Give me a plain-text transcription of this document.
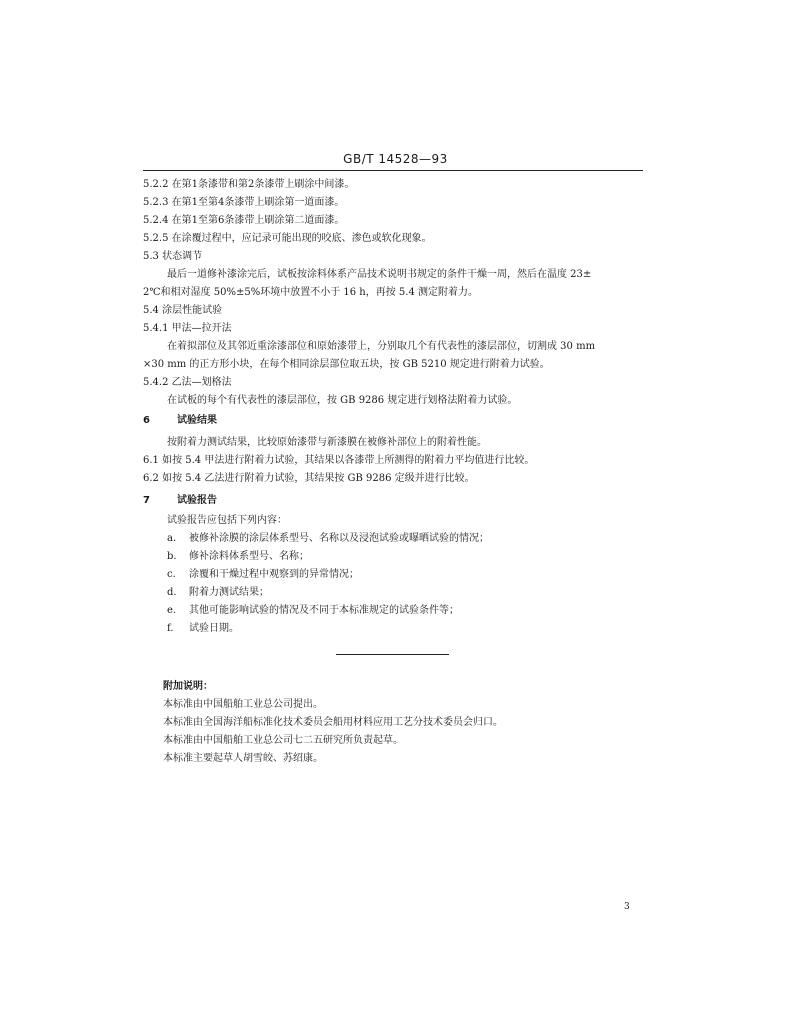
GB/T 14528—93
5.2.2 在第1条漆带和第2条漆带上刷涂中间漆。
5.2.3 在第1至第4条漆带上刷涂第一道面漆。
5.2.4 在第1至第6条漆带上刷涂第二道面漆。
5.2.5 在涂覆过程中，应记录可能出现的咬底、渗色或软化现象。
5.3 状态调节
最后一道修补漆涂完后，试板按涂料体系产品技术说明书规定的条件干燥一周，然后在温度 23±
2℃和相对湿度 50%±5%环境中放置不小于 16 h，再按 5.4 测定附着力。
5.4 涂层性能试验
5.4.1 甲法—拉开法
在着拟部位及其邻近重涂漆部位和原始漆带上，分别取几个有代表性的漆层部位，切割成 30 mm
×30 mm 的正方形小块，在每个相同涂层部位取五块，按 GB 5210 规定进行附着力试验。
5.4.2 乙法—划格法
在试板的每个有代表性的漆层部位，按 GB 9286 规定进行划格法附着力试验。
6	试验结果
按附着力测试结果，比较原始漆带与新漆膜在被修补部位上的附着性能。
6.1 如按 5.4 甲法进行附着力试验，其结果以各漆带上所测得的附着力平均值进行比较。
6.2 如按 5.4 乙法进行附着力试验，其结果按 GB 9286 定级并进行比较。
7	试验报告
试验报告应包括下列内容：
a. 被修补涂膜的涂层体系型号、名称以及浸泡试验或曝晒试验的情况；
b. 修补涂料体系型号、名称；
c. 涂覆和干燥过程中观察到的异常情况；
d. 附着力测试结果；
e. 其他可能影响试验的情况及不同于本标准规定的试验条件等；
f. 试验日期。
附加说明：
本标准由中国船舶工业总公司提出。
本标准由全国海洋船标准化技术委员会船用材料应用工艺分技术委员会归口。
本标准由中国船舶工业总公司七二五研究所负责起草。
本标准主要起草人胡雪皎、苏绍康。
3
